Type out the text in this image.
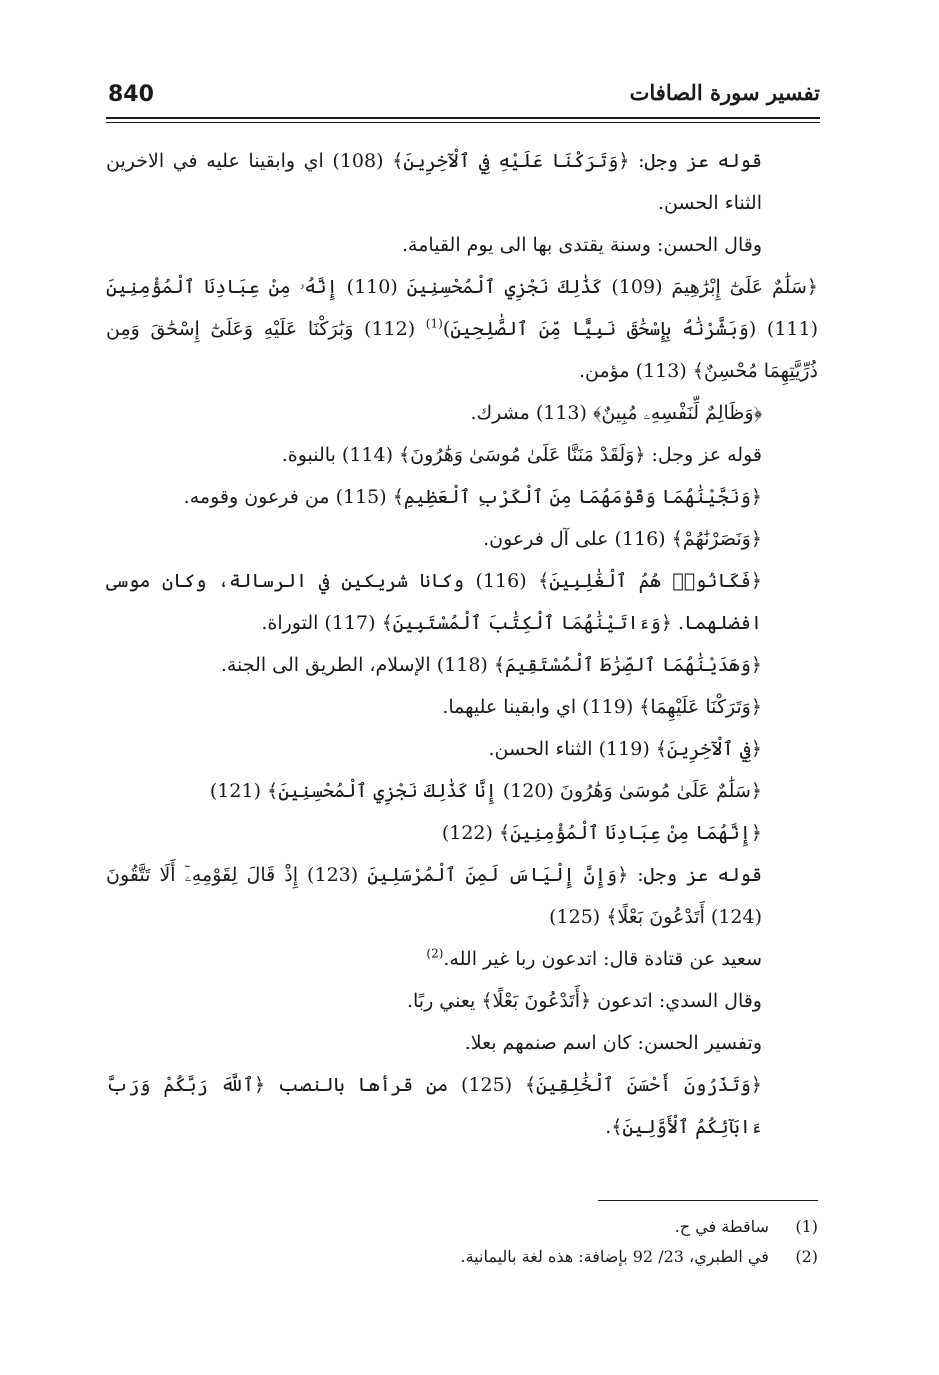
840	تفسير سورة الصافات

قوله عز وجل: ﴿وَتَرَكْنَا عَلَيْهِ فِي ٱلْآخِرِينَ﴾ (108) اي وابقينا عليه في الاخرين الثناء الحسن.

وقال الحسن: وسنة يقتدى بها الى يوم القيامة.

﴿سَلَٰمٌ عَلَىٰٓ إِبْرَٰهِيمَ (109) كَذَٰلِكَ نَجْزِي ٱلْمُحْسِنِينَ (110) إِنَّهُۥ مِنْ عِبَادِنَا ٱلْمُؤْمِنِينَ (111) (وَبَشَّرْنَٰهُ بِإِسْحَٰقَ نَبِيًّا مِّنَ ٱلصَّٰلِحِينَ)$^{(1)}$ (112) وَبَٰرَكْنَا عَلَيْهِ وَعَلَىٰٓ إِسْحَٰقَ وَمِن ذُرِّيَّتِهِمَا مُحْسِنٌ﴾ (113) مؤمن.

﴿وَظَالِمٌ لِّنَفْسِهِۦ مُبِينٌ﴾ (113) مشرك.

قوله عز وجل: ﴿وَلَقَدْ مَنَنَّا عَلَىٰ مُوسَىٰ وَهَٰرُونَ﴾ (114) بالنبوة.

﴿وَنَجَّيْنَٰهُمَا وَقَوْمَهُمَا مِنَ ٱلْكَرْبِ ٱلْعَظِيمِ﴾ (115) من فرعون وقومه.

﴿وَنَصَرْنَٰهُمْ﴾ (116) على آل فرعون.

﴿فَكَانُوا۟ هُمُ ٱلْغَٰلِبِينَ﴾ (116) وكانا شريكين في الرسالة، وكان موسى افضلهما. ﴿وَءَاتَيْنَٰهُمَا ٱلْكِتَٰبَ ٱلْمُسْتَبِينَ﴾ (117) التوراة.

﴿وَهَدَيْنَٰهُمَا ٱلصِّرَٰطَ ٱلْمُسْتَقِيمَ﴾ (118) الإسلام، الطريق الى الجنة.

﴿وَتَرَكْنَا عَلَيْهِمَا﴾ (119) اي وابقينا عليهما.

﴿فِي ٱلْآخِرِينَ﴾ (119) الثناء الحسن.

﴿سَلَٰمٌ عَلَىٰ مُوسَىٰ وَهَٰرُونَ (120) إِنَّا كَذَٰلِكَ نَجْزِي ٱلْمُحْسِنِينَ﴾ (121)

﴿إِنَّهُمَا مِنْ عِبَادِنَا ٱلْمُؤْمِنِينَ﴾ (122)

قوله عز وجل: ﴿وَإِنَّ إِلْيَاسَ لَمِنَ ٱلْمُرْسَلِينَ (123) إِذْ قَالَ لِقَوْمِهِۦٓ أَلَا تَتَّقُونَ (124) أَتَدْعُونَ بَعْلًا﴾ (125)

سعيد عن قتادة قال: اتدعون ربا غير الله.$^{(2)}$

وقال السدي: اتدعون ﴿أَتَدْعُونَ بَعْلًا﴾ يعني ربًا.

وتفسير الحسن: كان اسم صنمهم بعلا.

﴿وَتَذَرُونَ أَحْسَنَ ٱلْخَٰلِقِينَ﴾ (125) من قرأها بالنصب ﴿ٱللَّهَ رَبَّكُمْ وَرَبَّ ءَابَآئِكُمُ ٱلْأَوَّلِينَ﴾.

(1) ساقطة في ح.

(2) في الطبري، 23/ 92 بإضافة: هذه لغة باليمانية.
